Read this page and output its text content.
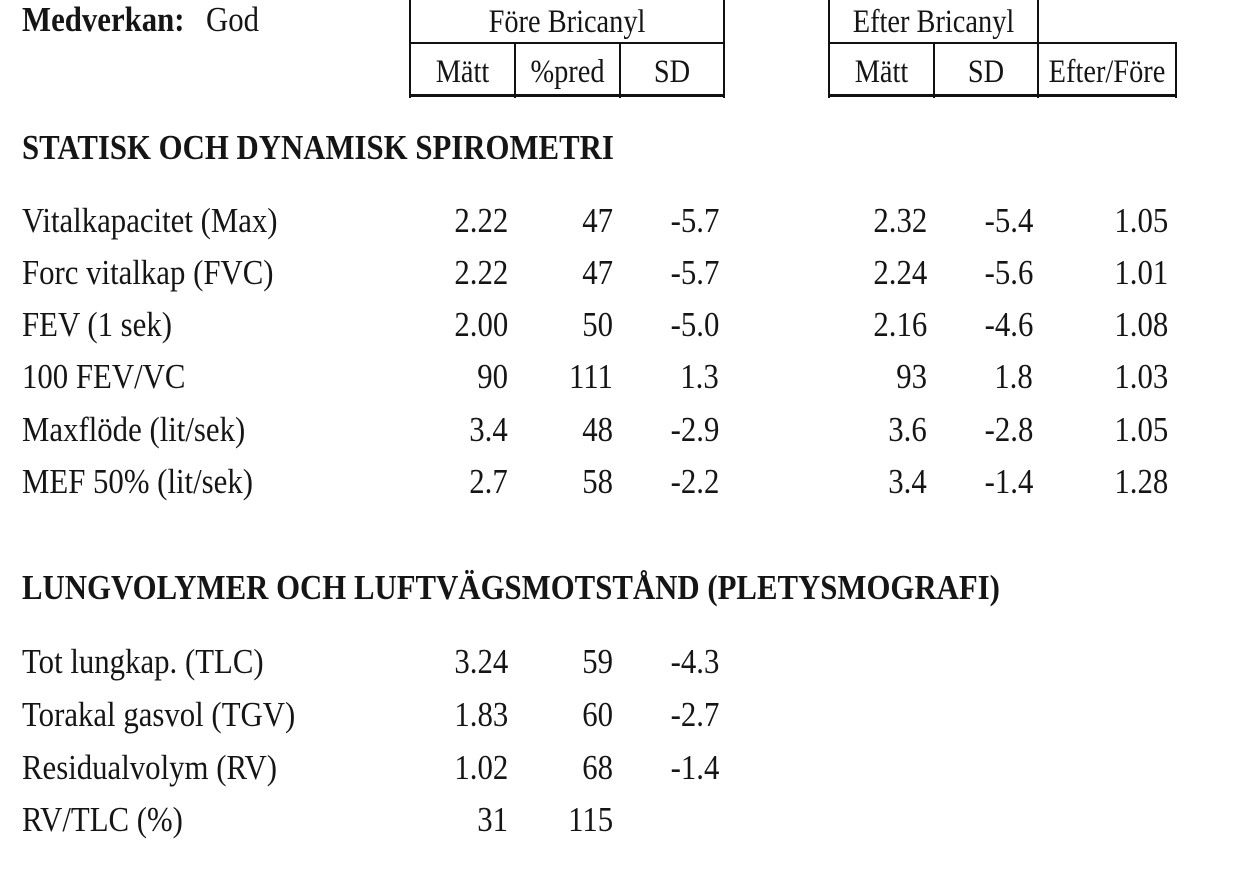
Medverkan: God	Före Bricanyl
Mätt	%pred	SD
Efter Bricanyl
Mätt	SD	Efter/Före
STATISK OCH DYNAMISK SPIROMETRI
Vitalkapacitet (Max)	2.22 47 -5.7	2.32 -5.4 1.05
Forc vitalkap (FVC)	2.22 47 -5.7	2.24 -5.6 1.01
FEV (1 sek)	2.00 50 -5.0	2.16 -4.6 1.08
100 FEV/VC	90 111 1.3	93 1.8 1.03
Maxflöde (lit/sek)	3.4 48 -2.9	3.6 -2.8 1.05
MEF 50% (lit/sek)	2.7 58 -2.2	3.4 -1.4 1.28
LUNGVOLYMER OCH LUFTVÄGSMOTSTÅND (PLETYSMOGRAFI)
Tot lungkap. (TLC)	3.24 59 -4.3
Torakal gasvol (TGV)	1.83 60 -2.7
Residualvolym (RV)	1.02 68 -1.4
RV/TLC (%)	31 115
